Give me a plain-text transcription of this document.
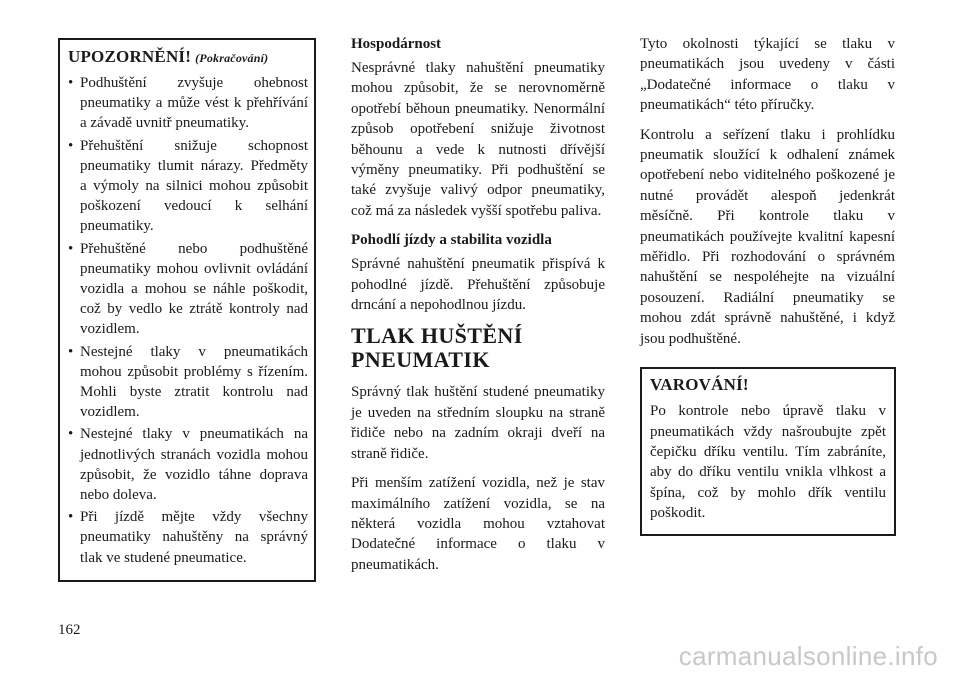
UPOZORNĚNÍ! (Pokračování)
• Podhuštění zvyšuje ohebnost pneumatiky a může vést k přehřívání a závadě uvnitř pneumatiky.
• Přehuštění snižuje schopnost pneumatiky tlumit nárazy. Předměty a výmoly na silnici mohou způsobit poškození vedoucí k selhání pneumatiky.
• Přehuštěné nebo podhuštěné pneumatiky mohou ovlivnit ovládání vozidla a mohou se náhle poškodit, což by vedlo ke ztrátě kontroly nad vozidlem.
• Nestejné tlaky v pneumatikách mohou způsobit problémy s řízením. Mohli byste ztratit kontrolu nad vozidlem.
• Nestejné tlaky v pneumatikách na jednotlivých stranách vozidla mohou způsobit, že vozidlo táhne doprava nebo doleva.
• Při jízdě mějte vždy všechny pneumatiky nahuštěny na správný tlak ve studené pneumatice.
Hospodárnost

Nesprávné tlaky nahuštění pneumatiky mohou způsobit, že se nerovnoměrně opotřebí běhoun pneumatiky. Nenormální způsob opotřebení snižuje životnost běhounu a vede k nutnosti dřívější výměny pneumatiky. Při podhuštění se také zvyšuje valivý odpor pneumatiky, což má za následek vyšší spotřebu paliva.

Pohodlí jízdy a stabilita vozidla

Správné nahuštění pneumatik přispívá k pohodlné jízdě. Přehuštění způsobuje drncání a nepohodlnou jízdu.

TLAK HUŠTĚNÍ PNEUMATIK

Správný tlak huštění studené pneumatiky je uveden na středním sloupku na straně řidiče nebo na zadním okraji dveří na straně řidiče.

Při menším zatížení vozidla, než je stav maximálního zatížení vozidla, se na některá vozidla mohou vztahovat Dodatečné informace o tlaku v pneumatikách.

Tyto okolnosti týkající se tlaku v pneumatikách jsou uvedeny v části „Dodatečné informace o tlaku v pneumatikách“ této příručky.

Kontrolu a seřízení tlaku i prohlídku pneumatik sloužící k odhalení známek opotřebení nebo viditelného poškozené je nutné provádět alespoň jedenkrát měsíčně. Při kontrole tlaku v pneumatikách používejte kvalitní kapesní měřidlo. Při rozhodování o správném nahuštění se nespoléhejte na vizuální posouzení. Radiální pneumatiky se mohou zdát správně nahuštěné, i když jsou podhuštěné.

VAROVÁNÍ!

Po kontrole nebo úpravě tlaku v pneumatikách vždy našroubujte zpět čepičku dříku ventilu. Tím zabráníte, aby do dříku ventilu vnikla vlhkost a špína, což by mohlo dřík ventilu poškodit.

162
carmanualsonline.info
